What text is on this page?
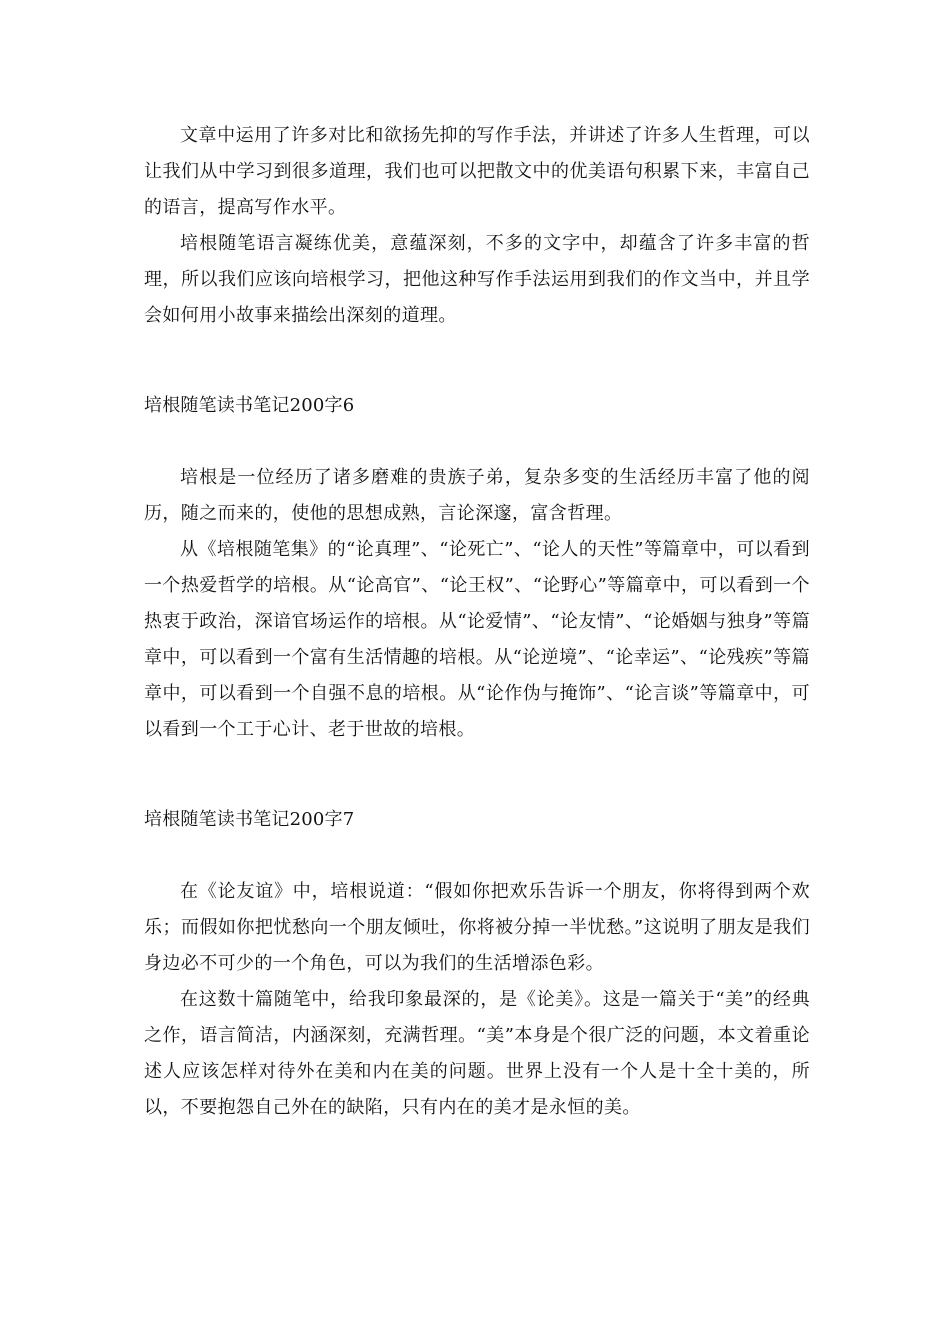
文章中运用了许多对比和欲扬先抑的写作手法，并讲述了许多人生哲理，可以让我们从中学习到很多道理，我们也可以把散文中的优美语句积累下来，丰富自己的语言，提高写作水平。

培根随笔语言凝练优美，意蕴深刻，不多的文字中，却蕴含了许多丰富的哲理，所以我们应该向培根学习，把他这种写作手法运用到我们的作文当中，并且学会如何用小故事来描绘出深刻的道理。

培根随笔读书笔记200字6

培根是一位经历了诸多磨难的贵族子弟，复杂多变的生活经历丰富了他的阅历，随之而来的，使他的思想成熟，言论深邃，富含哲理。

从《培根随笔集》的“论真理”、“论死亡”、“论人的天性”等篇章中，可以看到一个热爱哲学的培根。从“论高官”、“论王权”、“论野心”等篇章中，可以看到一个热衷于政治，深谙官场运作的培根。从“论爱情”、“论友情”、“论婚姻与独身”等篇章中，可以看到一个富有生活情趣的培根。从“论逆境”、“论幸运”、“论残疾”等篇章中，可以看到一个自强不息的培根。从“论作伪与掩饰”、“论言谈”等篇章中，可以看到一个工于心计、老于世故的培根。

培根随笔读书笔记200字7

在《论友谊》中，培根说道：“假如你把欢乐告诉一个朋友，你将得到两个欢乐；而假如你把忧愁向一个朋友倾吐，你将被分掉一半忧愁。”这说明了朋友是我们身边必不可少的一个角色，可以为我们的生活增添色彩。

在这数十篇随笔中，给我印象最深的，是《论美》。这是一篇关于“美”的经典之作，语言简洁，内涵深刻，充满哲理。“美”本身是个很广泛的问题，本文着重论述人应该怎样对待外在美和内在美的问题。世界上没有一个人是十全十美的，所以，不要抱怨自己外在的缺陷，只有内在的美才是永恒的美。
